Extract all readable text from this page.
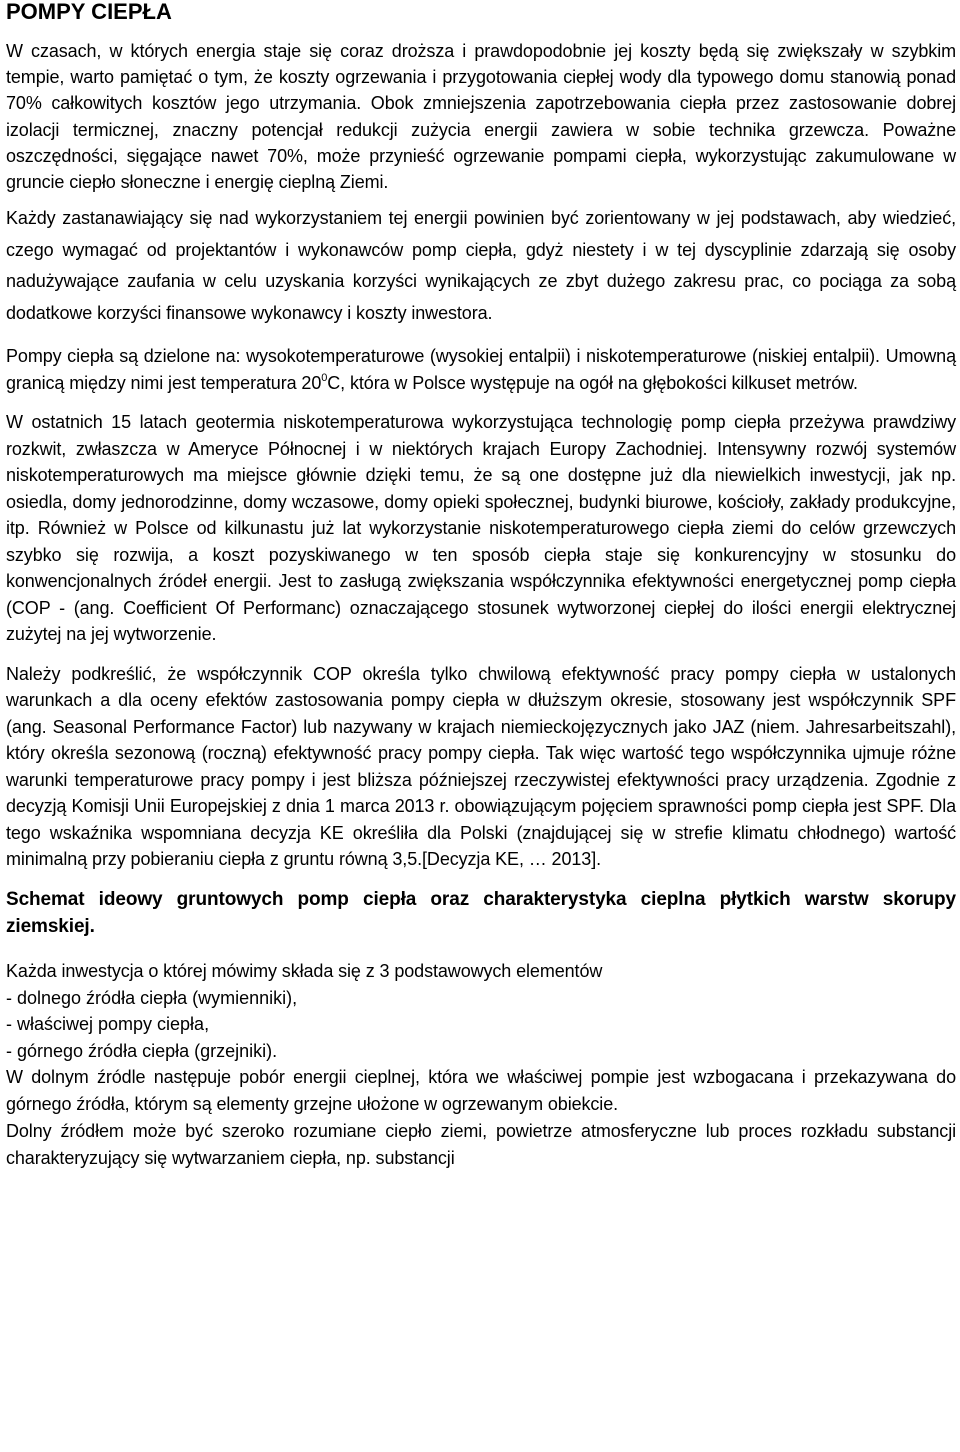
POMPY CIEPŁA

W czasach, w których energia staje się coraz droższa i prawdopodobnie jej koszty będą się zwiększały w szybkim tempie, warto pamiętać o tym, że koszty ogrzewania i przygotowania ciepłej wody dla typowego domu stanowią ponad 70% całkowitych kosztów jego utrzymania. Obok zmniejszenia zapotrzebowania ciepła przez zastosowanie dobrej izolacji termicznej, znaczny potencjał redukcji zużycia energii zawiera w sobie technika grzewcza. Poważne oszczędności, sięgające nawet 70%, może przynieść ogrzewanie pompami ciepła, wykorzystując zakumulowane w gruncie ciepło słoneczne i energię cieplną Ziemi.

Każdy zastanawiający się nad wykorzystaniem tej energii powinien być zorientowany w jej podstawach, aby wiedzieć, czego wymagać od projektantów i wykonawców pomp ciepła, gdyż niestety i w tej dyscyplinie zdarzają się osoby nadużywające zaufania w celu uzyskania korzyści wynikających ze zbyt dużego zakresu prac, co pociąga za sobą dodatkowe korzyści finansowe wykonawcy i koszty inwestora.

Pompy ciepła są dzielone na: wysokotemperaturowe (wysokiej entalpii) i niskotemperaturowe (niskiej entalpii). Umowną granicą między nimi jest temperatura $20^0C$, która w Polsce występuje na ogół na głębokości kilkuset metrów.

W ostatnich 15 latach geotermia niskotemperaturowa wykorzystująca technologię pomp ciepła przeżywa prawdziwy rozkwit, zwłaszcza w Ameryce Północnej i w niektórych krajach Europy Zachodniej. Intensywny rozwój systemów niskotemperaturowych ma miejsce głównie dzięki temu, że są one dostępne już dla niewielkich inwestycji, jak np. osiedla, domy jednorodzinne, domy wczasowe, domy opieki społecznej, budynki biurowe, kościoły, zakłady produkcyjne, itp. Również w Polsce od kilkunastu już lat wykorzystanie niskotemperaturowego ciepła ziemi do celów grzewczych szybko się rozwija, a koszt pozyskiwanego w ten sposób ciepła staje się konkurencyjny w stosunku do konwencjonalnych źródeł energii. Jest to zasługą zwiększania współczynnika efektywności energetycznej pomp ciepła (COP - (ang. Coefficient Of Performanc) oznaczającego stosunek wytworzonej ciepłej do ilości energii elektrycznej zużytej na jej wytworzenie.

Należy podkreślić, że współczynnik COP określa tylko chwilową efektywność pracy pompy ciepła w ustalonych warunkach a dla oceny efektów zastosowania pompy ciepła w dłuższym okresie, stosowany jest współczynnik SPF (ang. Seasonal Performance Factor) lub nazywany w krajach niemieckojęzycznych jako JAZ (niem. Jahresarbeitszahl), który określa sezonową (roczną) efektywność pracy pompy ciepła. Tak więc wartość tego współczynnika ujmuje różne warunki temperaturowe pracy pompy i jest bliższa późniejszej rzeczywistej efektywności pracy urządzenia. Zgodnie z decyzją Komisji Unii Europejskiej z dnia 1 marca 2013 r. obowiązującym pojęciem sprawności pomp ciepła jest SPF. Dla tego wskaźnika wspomniana decyzja KE określiła dla Polski (znajdującej się w strefie klimatu chłodnego) wartość minimalną przy pobieraniu ciepła z gruntu równą 3,5.[Decyzja KE, … 2013].

Schemat ideowy gruntowych pomp ciepła oraz charakterystyka cieplna płytkich warstw skorupy ziemskiej.

Każda inwestycja o której mówimy składa się z 3 podstawowych elementów

- dolnego źródła ciepła (wymienniki),
- właściwej pompy ciepła,
- górnego źródła ciepła (grzejniki).

W dolnym źródle następuje pobór energii cieplnej, która we właściwej pompie jest wzbogacana i przekazywana do górnego źródła, którym są elementy grzejne ułożone w ogrzewanym obiekcie.

Dolny źródłem może być szeroko rozumiane ciepło ziemi, powietrze atmosferyczne lub proces rozkładu substancji charakteryzujący się wytwarzaniem ciepła, np. substancji
